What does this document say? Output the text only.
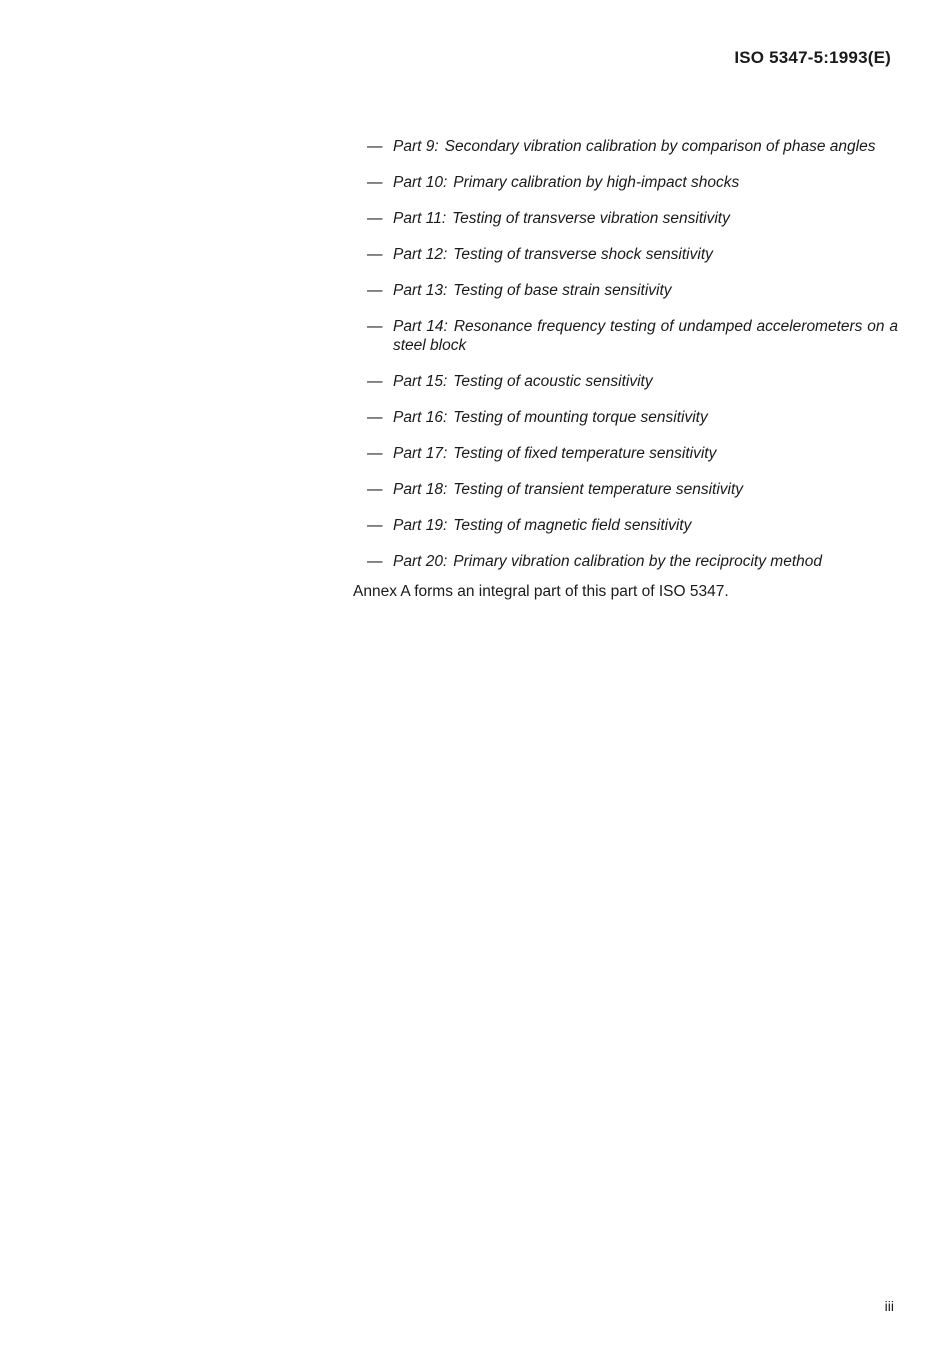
ISO 5347-5:1993(E)
— Part 9: Secondary vibration calibration by comparison of phase angles
— Part 10: Primary calibration by high-impact shocks
— Part 11: Testing of transverse vibration sensitivity
— Part 12: Testing of transverse shock sensitivity
— Part 13: Testing of base strain sensitivity
— Part 14: Resonance frequency testing of undamped accelerometers on a steel block
— Part 15: Testing of acoustic sensitivity
— Part 16: Testing of mounting torque sensitivity
— Part 17: Testing of fixed temperature sensitivity
— Part 18: Testing of transient temperature sensitivity
— Part 19: Testing of magnetic field sensitivity
— Part 20: Primary vibration calibration by the reciprocity method

Annex A forms an integral part of this part of ISO 5347.

iii
